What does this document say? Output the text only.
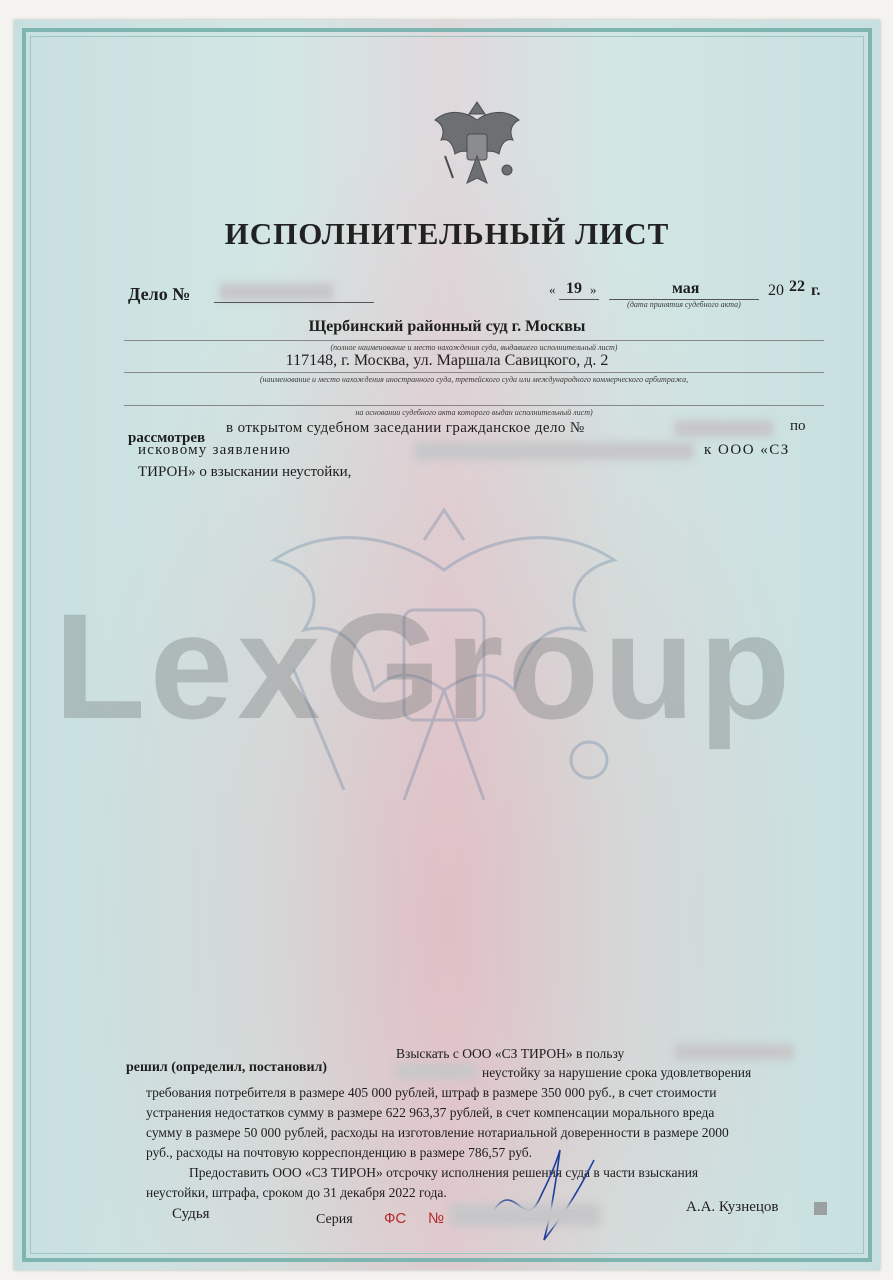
LexGroup
ИСПОЛНИТЕЛЬНЫЙ ЛИСТ
Дело №	« 19 »	мая	20 22 г.
(дата принятия судебного акта)
Щербинский районный суд г. Москвы
(полное наименование и место нахождения суда, выдавшего исполнительный лист)
117148, г. Москва, ул. Маршала Савицкого, д. 2
(наименование и место нахождения иностранного суда, третейского суда или международного коммерческого арбитража,
на основании судебного акта которого выдан исполнительный лист)
рассмотрев
в открытом судебном заседании гражданское дело №	по
исковому заявлению	к ООО «СЗ
ТИРОН» о взыскании неустойки,
решил (определил, постановил)
Взыскать с ООО «СЗ ТИРОН» в пользу
неустойку за нарушение срока удовлетворения
требования потребителя в размере 405 000 рублей, штраф в размере 350 000 руб., в счет стоимости
устранения недостатков сумму в размере 622 963,37 рублей, в счет компенсации морального вреда
сумму в размере 50 000 рублей, расходы на изготовление нотариальной доверенности в размере 2000
руб., расходы на почтовую корреспонденцию в размере 786,57 руб.
Предоставить ООО «СЗ ТИРОН» отсрочку исполнения решения суда в части взыскания
неустойки, штрафа, сроком до 31 декабря 2022 года.
Судья	А.А. Кузнецов
Серия ФС №
